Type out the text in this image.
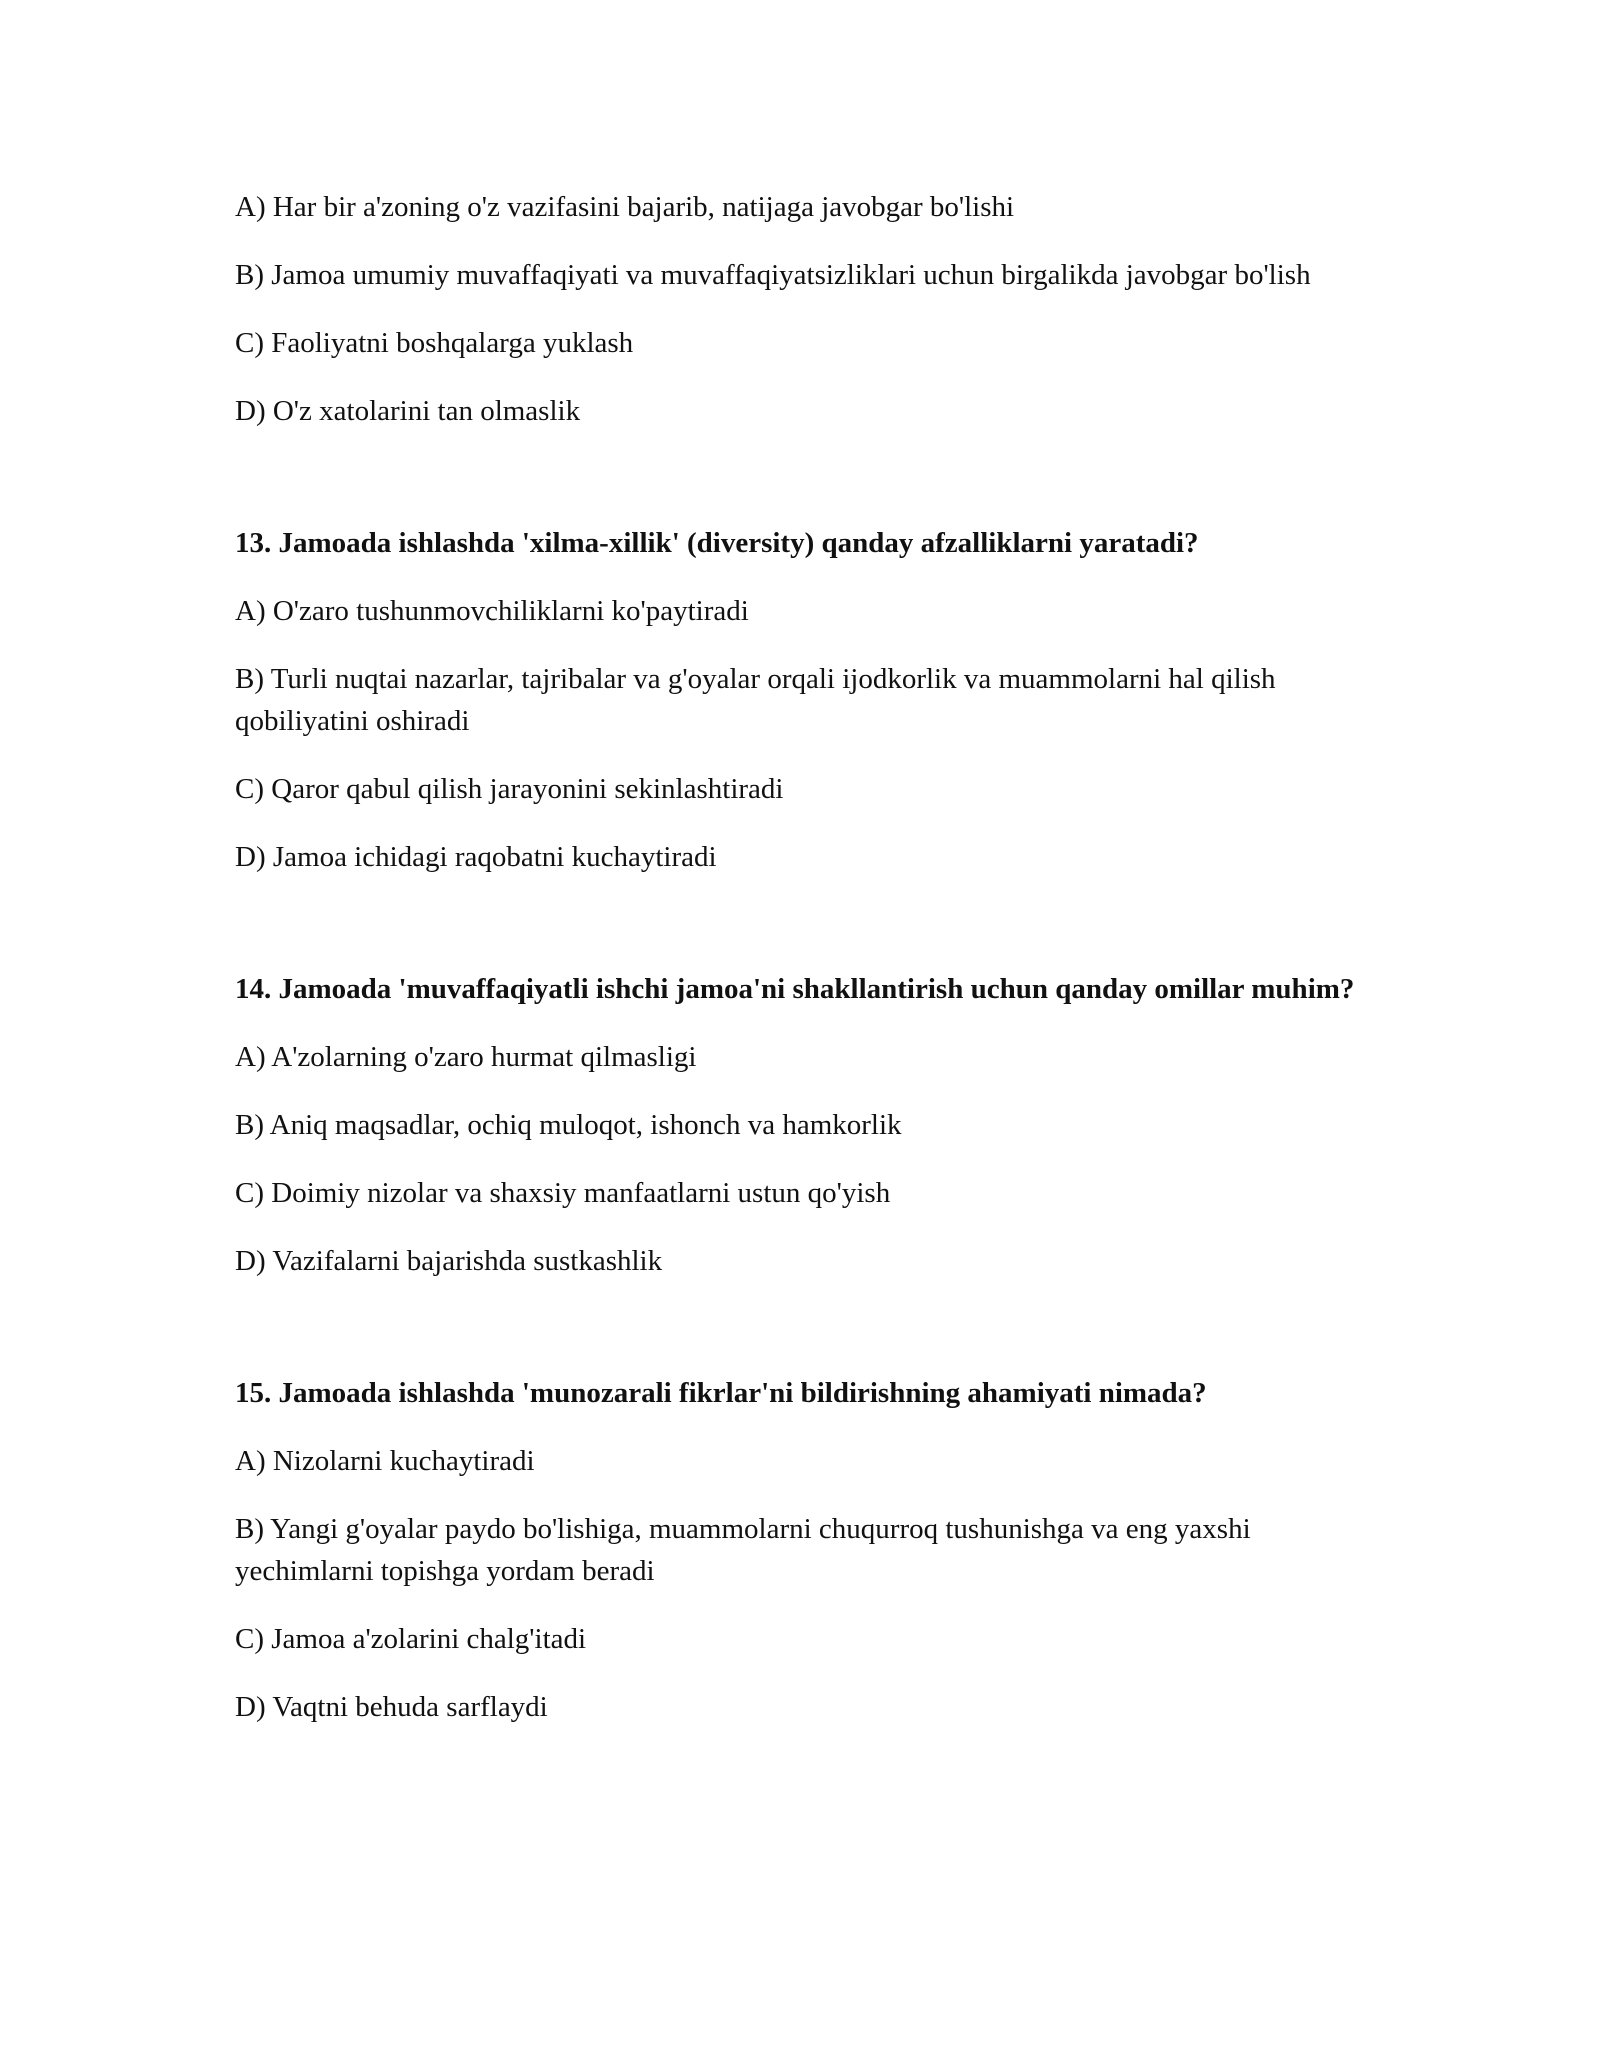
A) Har bir a'zoning o'z vazifasini bajarib, natijaga javobgar bo'lishi

B) Jamoa umumiy muvaffaqiyati va muvaffaqiyatsizliklari uchun birgalikda javobgar bo'lish

C) Faoliyatni boshqalarga yuklash

D) O'z xatolarini tan olmaslik

13. Jamoada ishlashda 'xilma-xillik' (diversity) qanday afzalliklarni yaratadi?

A) O'zaro tushunmovchiliklarni ko'paytiradi

B) Turli nuqtai nazarlar, tajribalar va g'oyalar orqali ijodkorlik va muammolarni hal qilish qobiliyatini oshiradi

C) Qaror qabul qilish jarayonini sekinlashtiradi

D) Jamoa ichidagi raqobatni kuchaytiradi

14. Jamoada 'muvaffaqiyatli ishchi jamoa'ni shakllantirish uchun qanday omillar muhim?

A) A'zolarning o'zaro hurmat qilmasligi

B) Aniq maqsadlar, ochiq muloqot, ishonch va hamkorlik

C) Doimiy nizolar va shaxsiy manfaatlarni ustun qo'yish

D) Vazifalarni bajarishda sustkashlik

15. Jamoada ishlashda 'munozarali fikrlar'ni bildirishning ahamiyati nimada?

A) Nizolarni kuchaytiradi

B) Yangi g'oyalar paydo bo'lishiga, muammolarni chuqurroq tushunishga va eng yaxshi yechimlarni topishga yordam beradi

C) Jamoa a'zolarini chalg'itadi

D) Vaqtni behuda sarflaydi
